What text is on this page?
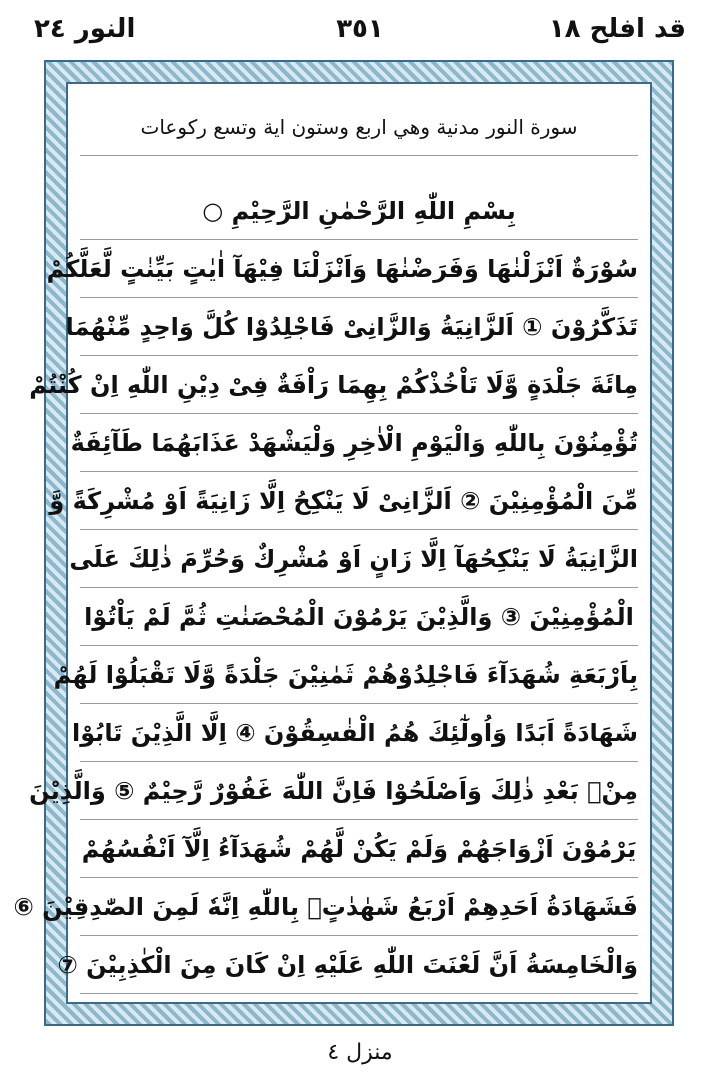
قد افلح ١٨
٣٥١
النور ٢٤
سورة النور مدنية وهي اربع وستون اية وتسع ركوعات
بِسْمِ اللّٰهِ الرَّحْمٰنِ الرَّحِیْمِ ○
سُوْرَةٌ اَنْزَلْنٰهَا وَفَرَضْنٰهَا وَاَنْزَلْنَا فِیْهَآ اٰیٰتٍ بَیِّنٰتٍ لَّعَلَّكُمْ
تَذَكَّرُوْنَ ① اَلزَّانِیَةُ وَالزَّانِیْ فَاجْلِدُوْا كُلَّ وَاحِدٍ مِّنْهُمَا
مِائَةَ جَلْدَةٍ وَّلَا تَاْخُذْكُمْ بِهِمَا رَاْفَةٌ فِیْ دِیْنِ اللّٰهِ اِنْ كُنْتُمْ
تُؤْمِنُوْنَ بِاللّٰهِ وَالْیَوْمِ الْاٰخِرِ وَلْیَشْهَدْ عَذَابَهُمَا طَآئِفَةٌ
مِّنَ الْمُؤْمِنِیْنَ ② اَلزَّانِیْ لَا یَنْكِحُ اِلَّا زَانِیَةً اَوْ مُشْرِكَةً وَّ
الزَّانِیَةُ لَا یَنْكِحُهَآ اِلَّا زَانٍ اَوْ مُشْرِكٌ وَحُرِّمَ ذٰلِكَ عَلَى
الْمُؤْمِنِیْنَ ③ وَالَّذِیْنَ یَرْمُوْنَ الْمُحْصَنٰتِ ثُمَّ لَمْ یَاْتُوْا
بِاَرْبَعَةِ شُهَدَآءَ فَاجْلِدُوْهُمْ ثَمٰنِیْنَ جَلْدَةً وَّلَا تَقْبَلُوْا لَهُمْ
شَهَادَةً اَبَدًا وَاُولٰٓئِكَ هُمُ الْفٰسِقُوْنَ ④ اِلَّا الَّذِیْنَ تَابُوْا
مِنْۢ بَعْدِ ذٰلِكَ وَاَصْلَحُوْا فَاِنَّ اللّٰهَ غَفُوْرٌ رَّحِیْمٌ ⑤ وَالَّذِیْنَ
یَرْمُوْنَ اَزْوَاجَهُمْ وَلَمْ یَكُنْ لَّهُمْ شُهَدَآءُ اِلَّآ اَنْفُسُهُمْ
فَشَهَادَةُ اَحَدِهِمْ اَرْبَعُ شَهٰدٰتٍۭ بِاللّٰهِ اِنَّهٗ لَمِنَ الصّٰدِقِیْنَ ⑥
وَالْخَامِسَةُ اَنَّ لَعْنَتَ اللّٰهِ عَلَیْهِ اِنْ كَانَ مِنَ الْكٰذِبِیْنَ ⑦
منزل ٤
